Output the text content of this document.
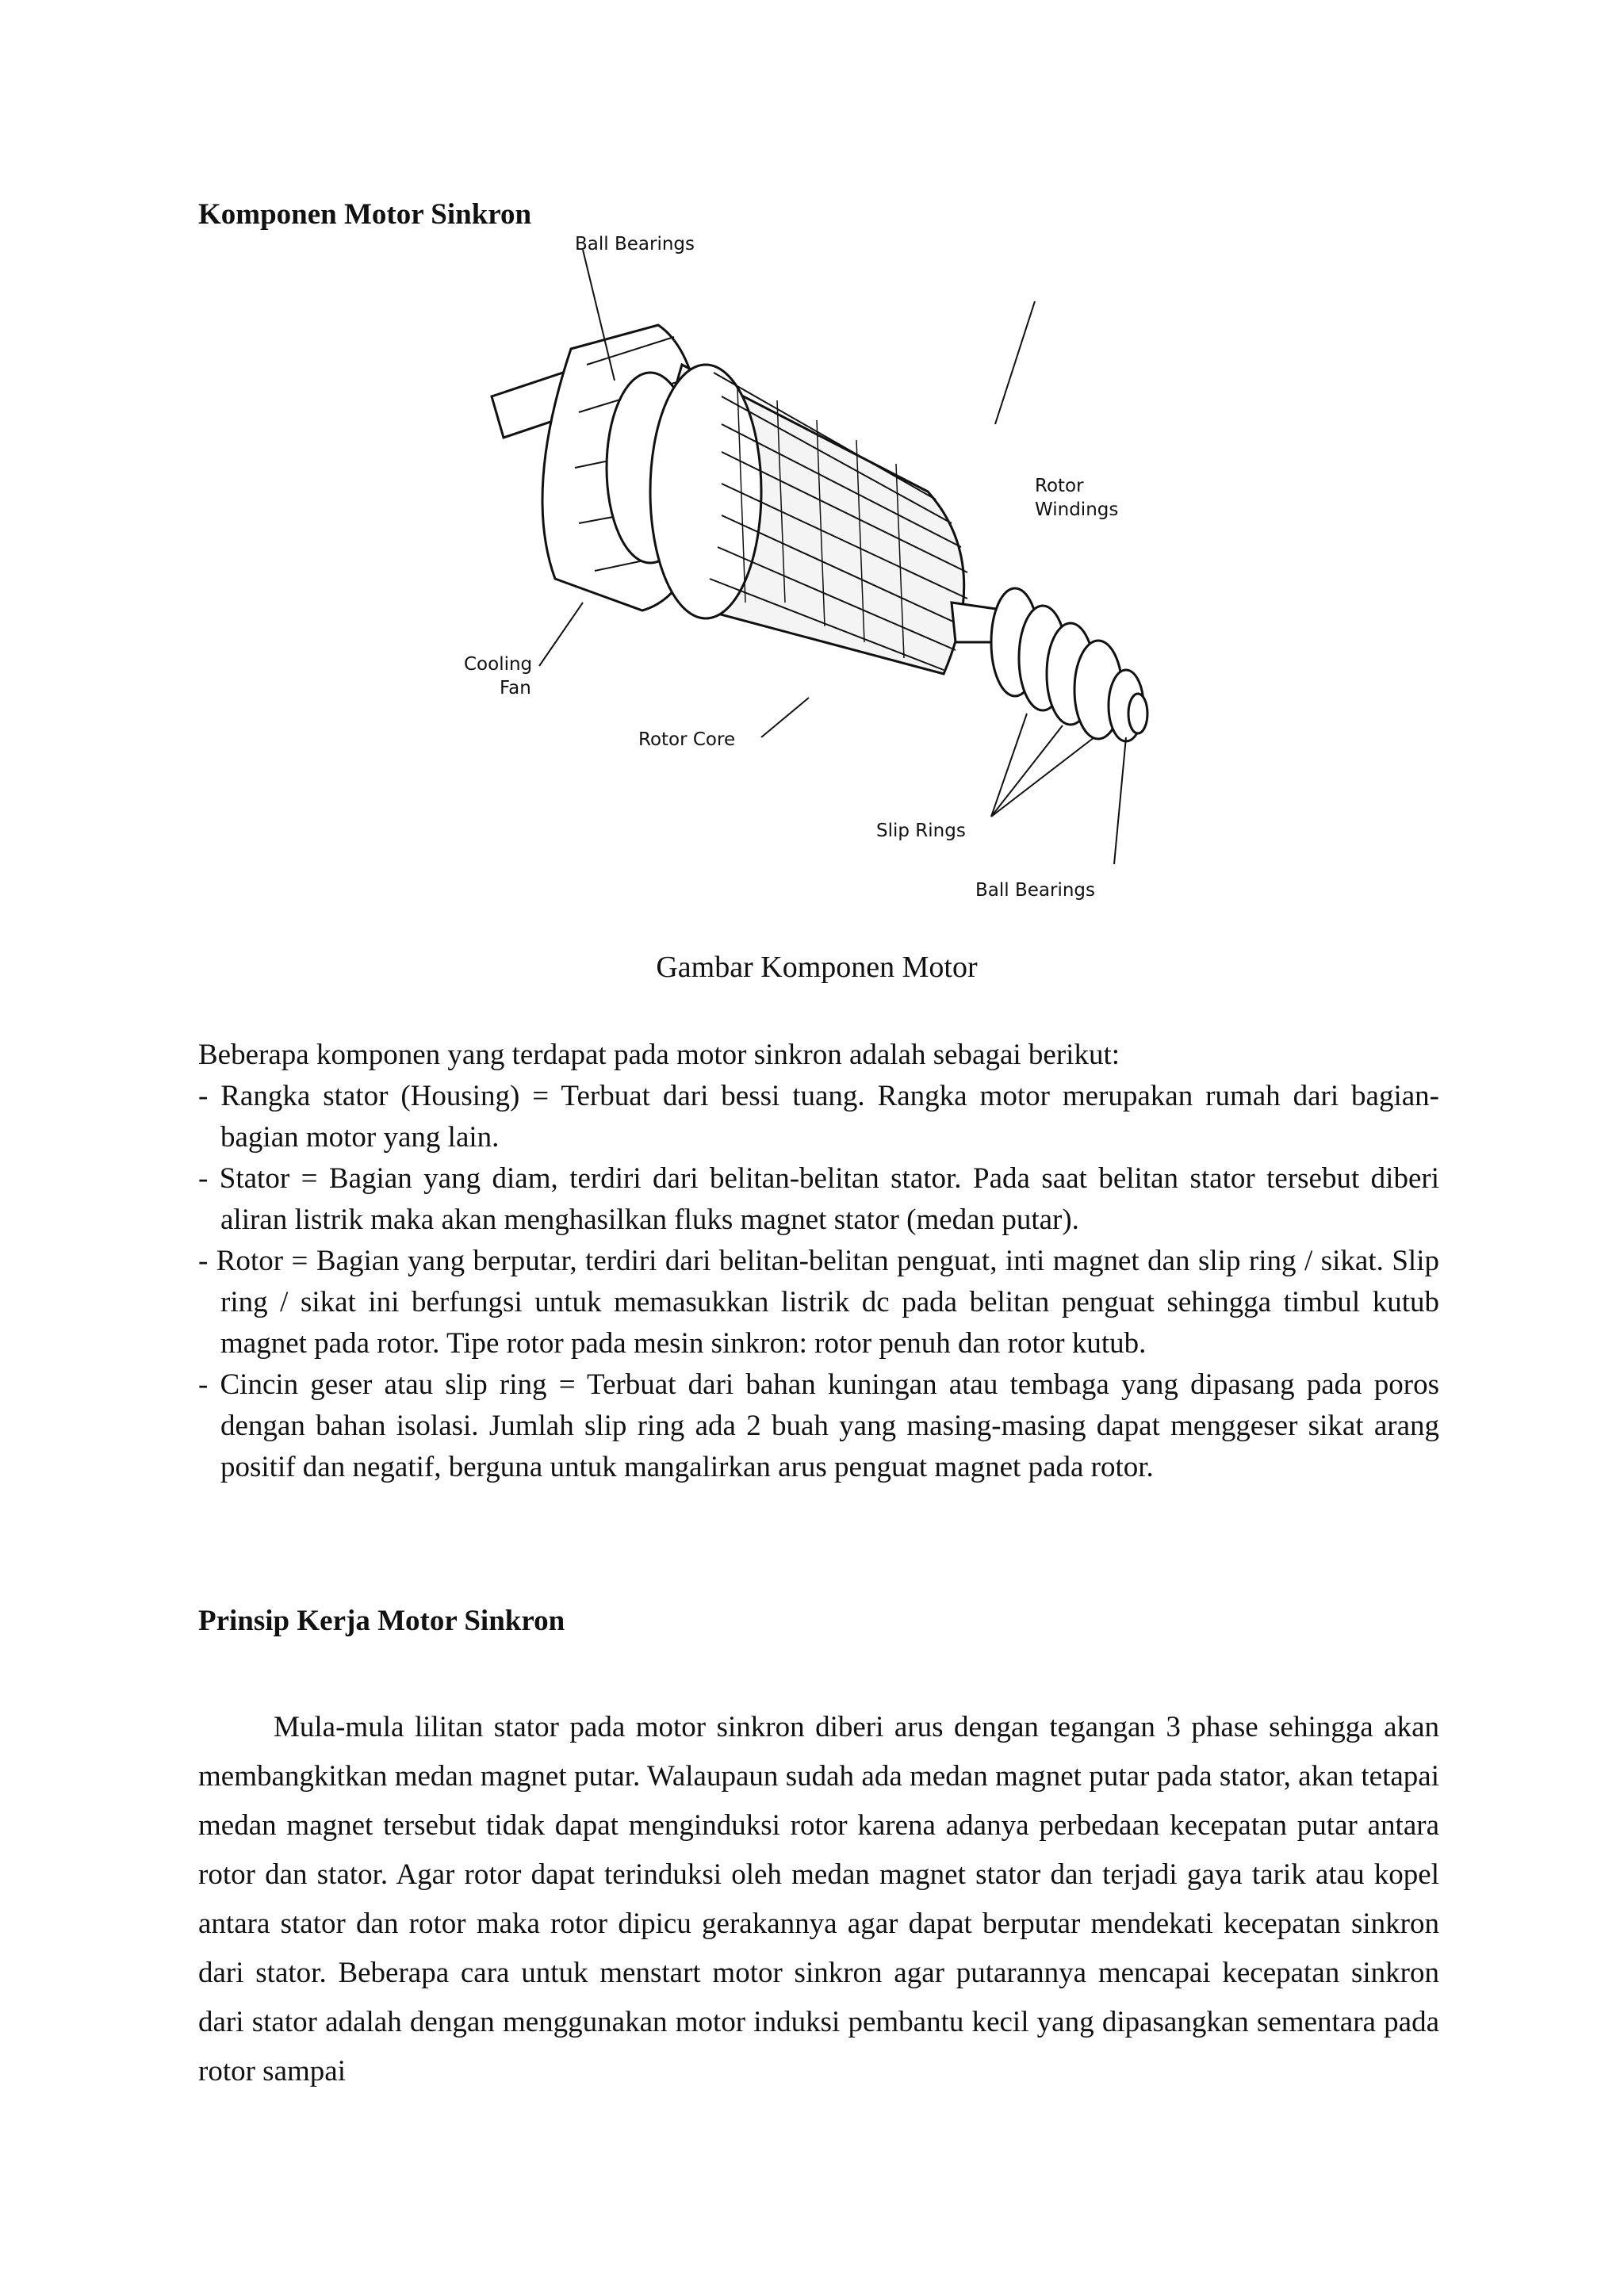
Komponen Motor Sinkron
Ball Bearings
Rotor
Windings
Cooling
Fan
Rotor Core
Slip Rings
Ball Bearings
Gambar Komponen Motor

Beberapa komponen yang terdapat pada motor sinkron adalah sebagai berikut:

- Rangka stator (Housing) = Terbuat dari bessi tuang. Rangka motor merupakan rumah dari bagian-bagian motor yang lain.
- Stator = Bagian yang diam, terdiri dari belitan-belitan stator. Pada saat belitan stator tersebut diberi aliran listrik maka akan menghasilkan fluks magnet stator (medan putar).
- Rotor = Bagian yang berputar, terdiri dari belitan-belitan penguat, inti magnet dan slip ring / sikat. Slip ring / sikat ini berfungsi untuk memasukkan listrik dc pada belitan penguat sehingga timbul kutub magnet pada rotor. Tipe rotor pada mesin sinkron: rotor penuh dan rotor kutub.
- Cincin geser atau slip ring = Terbuat dari bahan kuningan atau tembaga yang dipasang pada poros dengan bahan isolasi. Jumlah slip ring ada 2 buah yang masing-masing dapat menggeser sikat arang positif dan negatif, berguna untuk mangalirkan arus penguat magnet pada rotor.
Prinsip Kerja Motor Sinkron

Mula-mula lilitan stator pada motor sinkron diberi arus dengan tegangan 3 phase sehingga akan membangkitkan medan magnet putar. Walaupaun sudah ada medan magnet putar pada stator, akan tetapai medan magnet tersebut tidak dapat menginduksi rotor karena adanya perbedaan kecepatan putar antara rotor dan stator. Agar rotor dapat terinduksi oleh medan magnet stator dan terjadi gaya tarik atau kopel antara stator dan rotor maka rotor dipicu gerakannya agar dapat berputar mendekati kecepatan sinkron dari stator. Beberapa cara untuk menstart motor sinkron agar putarannya mencapai kecepatan sinkron dari stator adalah dengan menggunakan motor induksi pembantu kecil yang dipasangkan sementara pada rotor sampai
